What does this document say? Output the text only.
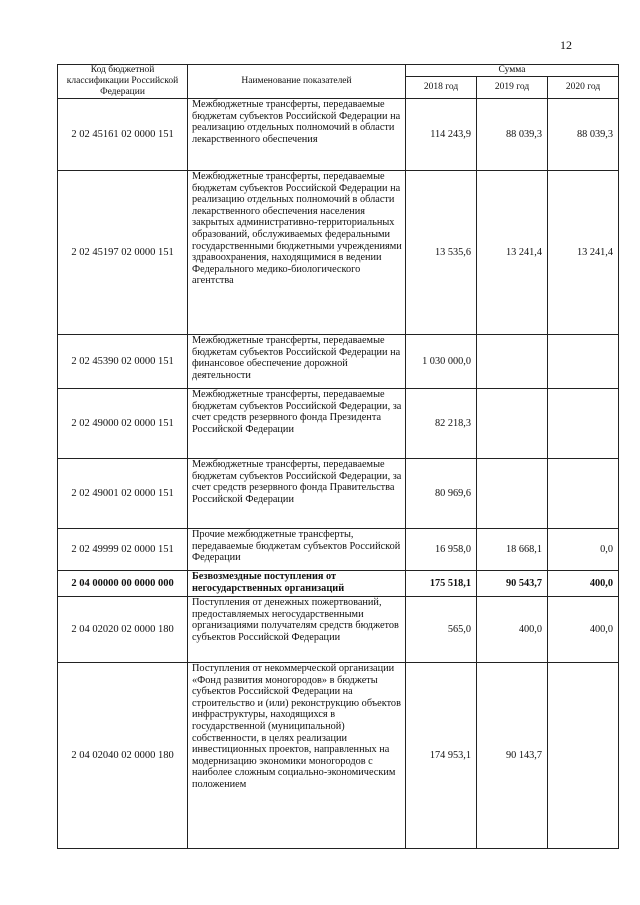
12
Код бюджетной классификации Российской Федерации	Наименование показателей	Сумма		
		2018 год	2019 год	2020 год
2 02 45161 02 0000 151	Межбюджетные трансферты, передаваемые бюджетам субъектов Российской Федерации на реализацию отдельных полномочий в области лекарственного обеспечения	114 243,9	88 039,3	88 039,3
2 02 45197 02 0000 151	Межбюджетные трансферты, передаваемые бюджетам субъектов Российской Федерации на реализацию отдельных полномочий в области лекарственного обеспечения населения закрытых административно-территориальных образований, обслуживаемых федеральными государственными бюджетными учреждениями здравоохранения, находящимися в ведении Федерального медико-биологического агентства	13 535,6	13 241,4	13 241,4
2 02 45390 02 0000 151	Межбюджетные трансферты, передаваемые бюджетам субъектов Российской Федерации на финансовое обеспечение дорожной деятельности	1 030 000,0		
2 02 49000 02 0000 151	Межбюджетные трансферты, передаваемые бюджетам субъектов Российской Федерации, за счет средств резервного фонда Президента Российской Федерации	82 218,3		
2 02 49001 02 0000 151	Межбюджетные трансферты, передаваемые бюджетам субъектов Российской Федерации, за счет средств резервного фонда Правительства Российской Федерации	80 969,6		
2 02 49999 02 0000 151	Прочие межбюджетные трансферты, передаваемые бюджетам субъектов Российской Федерации	16 958,0	18 668,1	0,0
2 04 00000 00 0000 000	Безвозмездные поступления от негосударственных организаций	175 518,1	90 543,7	400,0
2 04 02020 02 0000 180	Поступления от денежных пожертвований, предоставляемых негосударственными организациями получателям средств бюджетов субъектов Российской Федерации	565,0	400,0	400,0
2 04 02040 02 0000 180	Поступления от некоммерческой организации «Фонд развития моногородов» в бюджеты субъектов Российской Федерации на строительство и (или) реконструкцию объектов инфраструктуры, находящихся в государственной (муниципальной) собственности, в целях реализации инвестиционных проектов, направленных на модернизацию экономики моногородов с наиболее сложным социально-экономическим положением	174 953,1	90 143,7	
